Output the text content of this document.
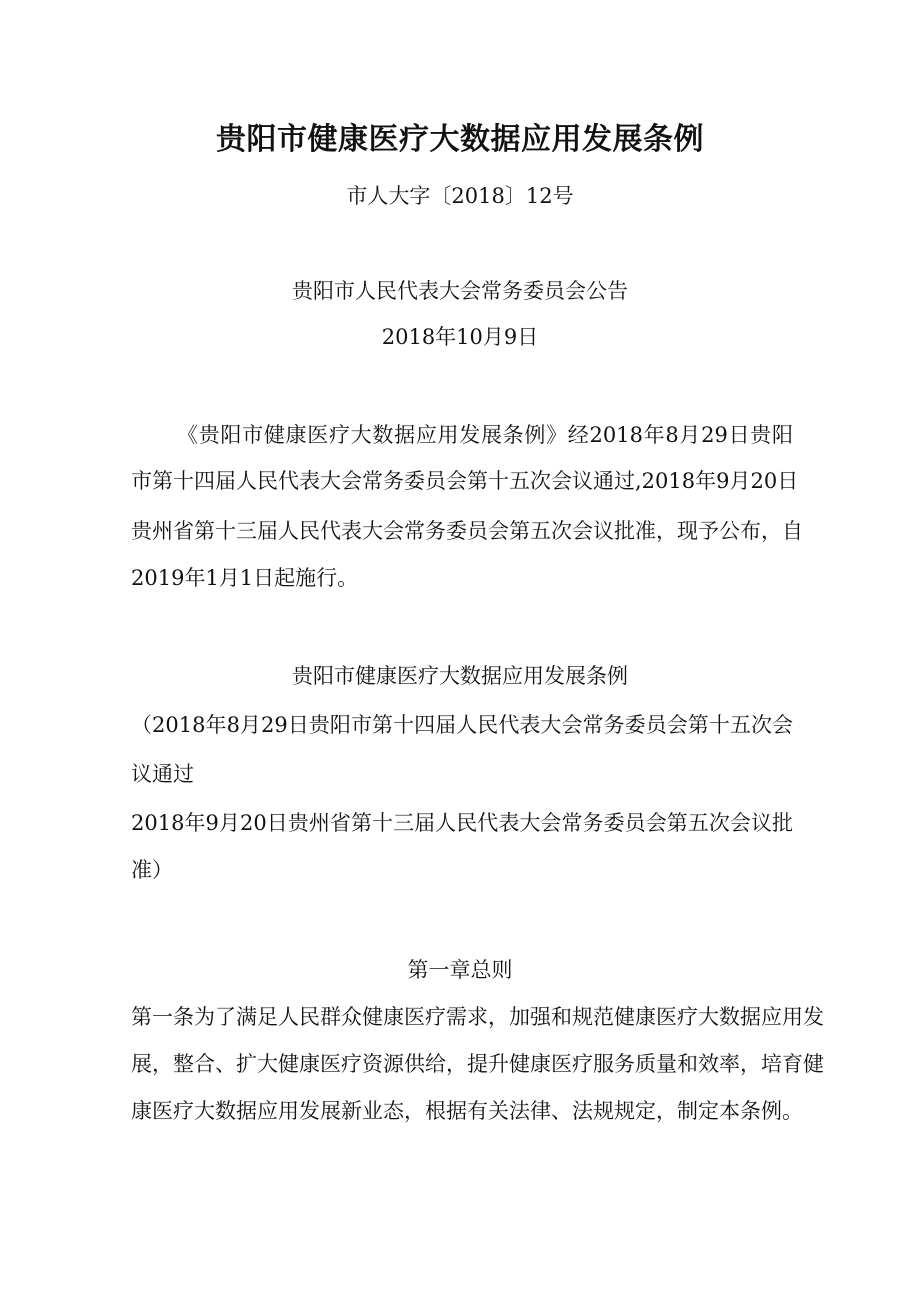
贵阳市健康医疗大数据应用发展条例
市人大字〔2018〕12号
贵阳市人民代表大会常务委员会公告
2018年10月9日
《贵阳市健康医疗大数据应用发展条例》经2018年8月29日贵阳
市第十四届人民代表大会常务委员会第十五次会议通过,2018年9月20日
贵州省第十三届人民代表大会常务委员会第五次会议批准，现予公布，自
2019年1月1日起施行。
贵阳市健康医疗大数据应用发展条例
（2018年8月29日贵阳市第十四届人民代表大会常务委员会第十五次会
议通过
2018年9月20日贵州省第十三届人民代表大会常务委员会第五次会议批
准）
第一章总则
第一条为了满足人民群众健康医疗需求，加强和规范健康医疗大数据应用发
展，整合、扩大健康医疗资源供给，提升健康医疗服务质量和效率，培育健
康医疗大数据应用发展新业态，根据有关法律、法规规定，制定本条例。
